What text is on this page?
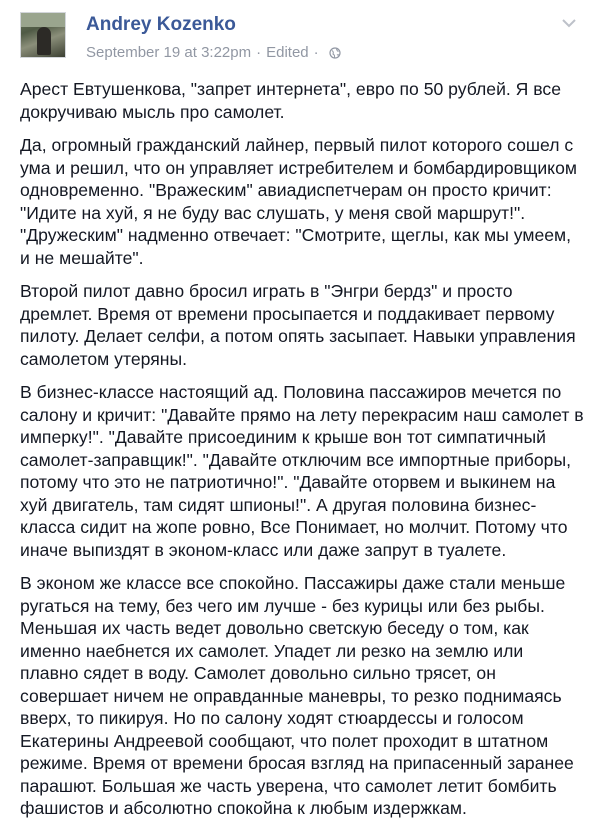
Andrey Kozenko
September 19 at 3:22pm · Edited ·

Арест Евтушенкова, "запрет интернета", евро по 50 рублей. Я все докручиваю мысль про самолет.

Да, огромный гражданский лайнер, первый пилот которого сошел с ума и решил, что он управляет истребителем и бомбардировщиком одновременно. "Вражеским" авиадиспетчерам он просто кричит: "Идите на хуй, я не буду вас слушать, у меня свой маршрут!". "Дружеским" надменно отвечает: "Смотрите, щеглы, как мы умеем, и не мешайте".

Второй пилот давно бросил играть в "Энгри бердз" и просто дремлет. Время от времени просыпается и поддакивает первому пилоту. Делает селфи, а потом опять засыпает. Навыки управления самолетом утеряны.

В бизнес-классе настоящий ад. Половина пассажиров мечется по салону и кричит: "Давайте прямо на лету перекрасим наш самолет в имперку!". "Давайте присоединим к крыше вон тот симпатичный самолет-заправщик!". "Давайте отключим все импортные приборы, потому что это не патриотично!". "Давайте оторвем и выкинем на хуй двигатель, там сидят шпионы!". А другая половина бизнес-класса сидит на жопе ровно, Все Понимает, но молчит. Потому что иначе выпиздят в эконом-класс или даже запрут в туалете.

В эконом же классе все спокойно. Пассажиры даже стали меньше ругаться на тему, без чего им лучше - без курицы или без рыбы. Меньшая их часть ведет довольно светскую беседу о том, как именно наебнется их самолет. Упадет ли резко на землю или плавно сядет в воду. Самолет довольно сильно трясет, он совершает ничем не оправданные маневры, то резко поднимаясь вверх, то пикируя. Но по салону ходят стюардессы и голосом Екатерины Андреевой сообщают, что полет проходит в штатном режиме. Время от времени бросая взгляд на припасенный заранее парашют. Большая же часть уверена, что самолет летит бомбить фашистов и абсолютно спокойна к любым издержкам.
